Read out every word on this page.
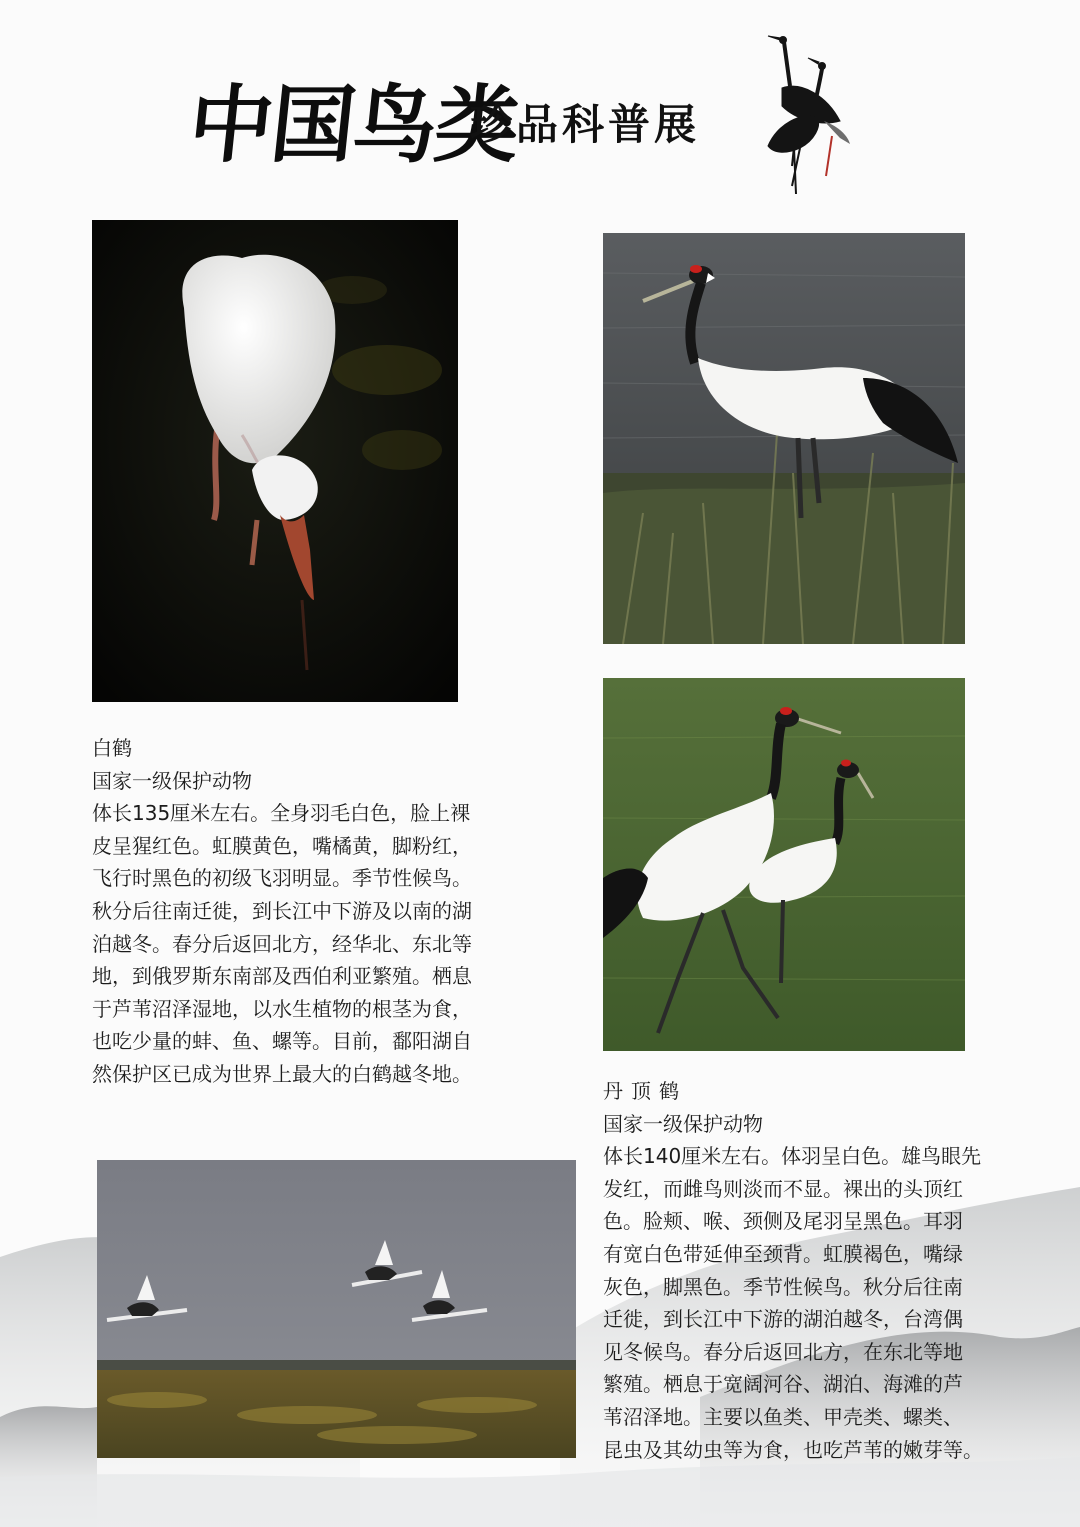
中国鸟类
珍品科普展
白鹤
国家一级保护动物
体长135厘米左右。全身羽毛白色，脸上裸
皮呈猩红色。虹膜黄色，嘴橘黄，脚粉红，
飞行时黑色的初级飞羽明显。季节性候鸟。
秋分后往南迁徙，到长江中下游及以南的湖
泊越冬。春分后返回北方，经华北、东北等
地，到俄罗斯东南部及西伯利亚繁殖。栖息
于芦苇沼泽湿地，以水生植物的根茎为食，
也吃少量的蚌、鱼、螺等。目前，鄱阳湖自
然保护区已成为世界上最大的白鹤越冬地。
丹顶鹤
国家一级保护动物
体长140厘米左右。体羽呈白色。雄鸟眼先
发红，而雌鸟则淡而不显。裸出的头顶红
色。脸颊、喉、颈侧及尾羽呈黑色。耳羽
有宽白色带延伸至颈背。虹膜褐色，嘴绿
灰色，脚黑色。季节性候鸟。秋分后往南
迁徙，到长江中下游的湖泊越冬，台湾偶
见冬候鸟。春分后返回北方，在东北等地
繁殖。栖息于宽阔河谷、湖泊、海滩的芦
苇沼泽地。主要以鱼类、甲壳类、螺类、
昆虫及其幼虫等为食，也吃芦苇的嫩芽等。
